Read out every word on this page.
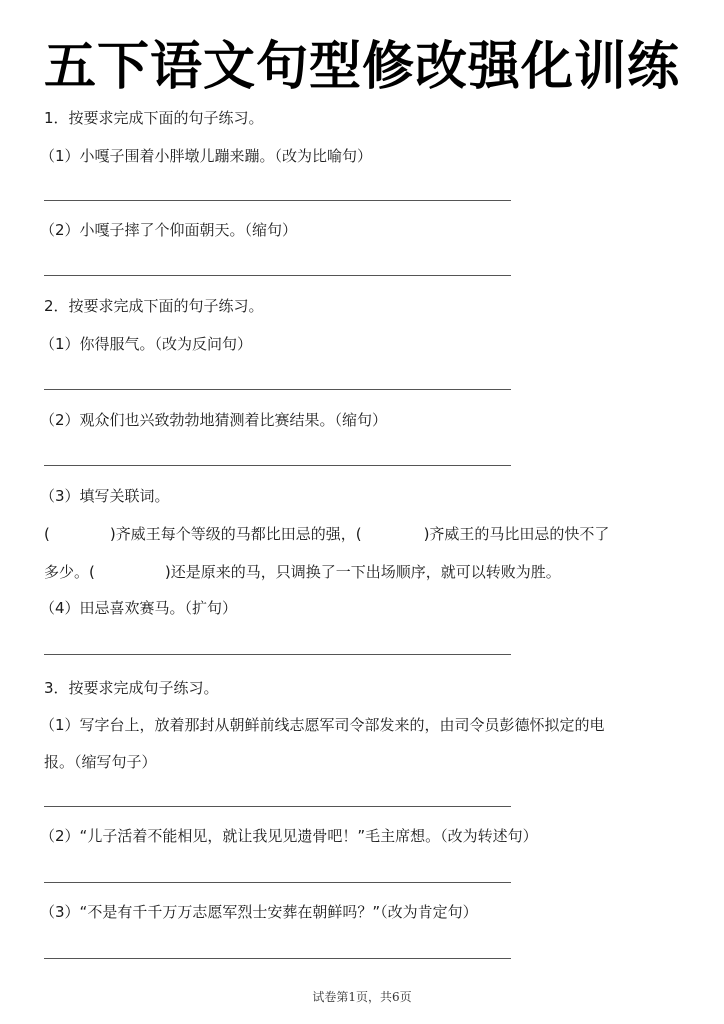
五下语文句型修改强化训练
1．按要求完成下面的句子练习。
（1）小嘎子围着小胖墩儿蹦来蹦。（改为比喻句）
（2）小嘎子摔了个仰面朝天。（缩句）
2．按要求完成下面的句子练习。
（1）你得服气。（改为反问句）
（2）观众们也兴致勃勃地猜测着比赛结果。（缩句）
（3）填写关联词。
(	)齐威王每个等级的马都比田忌的强，(	)齐威王的马比田忌的快不了
多少。(	)还是原来的马，只调换了一下出场顺序，就可以转败为胜。
（4）田忌喜欢赛马。（扩句）
3．按要求完成句子练习。
（1）写字台上，放着那封从朝鲜前线志愿军司令部发来的，由司令员彭德怀拟定的电
报。（缩写句子）
（2）“儿子活着不能相见，就让我见见遗骨吧！”毛主席想。（改为转述句）
（3）“不是有千千万万志愿军烈士安葬在朝鲜吗？”（改为肯定句）
试卷第1页，共6页
